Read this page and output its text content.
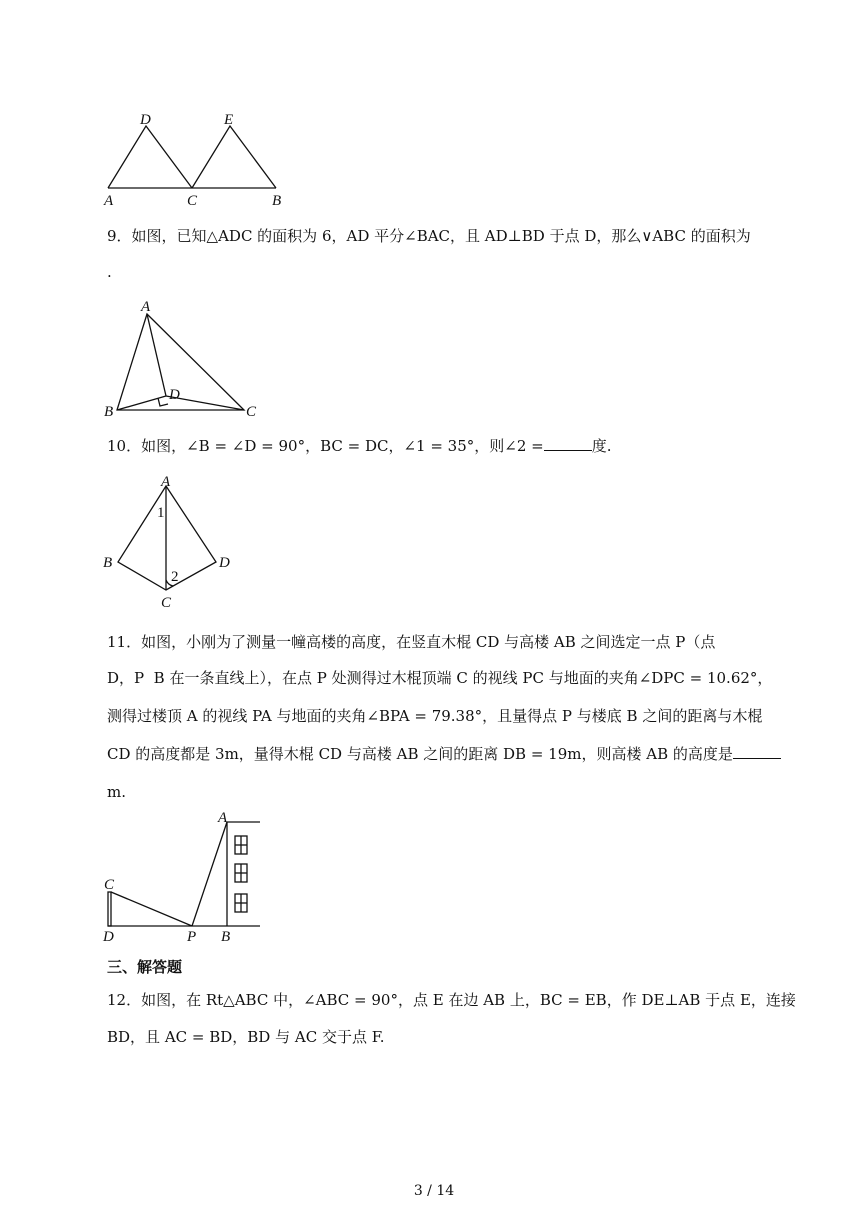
D	E
A	C	B
9．如图，已知△ADC 的面积为 6，AD 平分∠BAC，且 AD⊥BD 于点 D，那么∨ABC 的面积为
.
A
D
B	C
10．如图，∠B = ∠D = 90°，BC = DC，∠1 = 35°，则∠2 =	度.
A
1
B	D
2
C
11．如图，小刚为了测量一幢高楼的高度，在竖直木棍 CD 与高楼 AB 之间选定一点 P（点
D，P  B 在一条直线上），在点 P 处测得过木棍顶端 C 的视线 PC 与地面的夹角∠DPC = 10.62°，
测得过楼顶 A 的视线 PA 与地面的夹角∠BPA = 79.38°，且量得点 P 与楼底 B 之间的距离与木棍
CD 的高度都是 3m，量得木棍 CD 与高楼 AB 之间的距离 DB = 19m，则高楼 AB 的高度是
m.
A
C
D	P B
三、解答题
12．如图，在 Rt△ABC 中，∠ABC = 90°，点 E 在边 AB 上，BC = EB，作 DE⊥AB 于点 E，连接
BD，且 AC = BD，BD 与 AC 交于点 F.
3 / 14
